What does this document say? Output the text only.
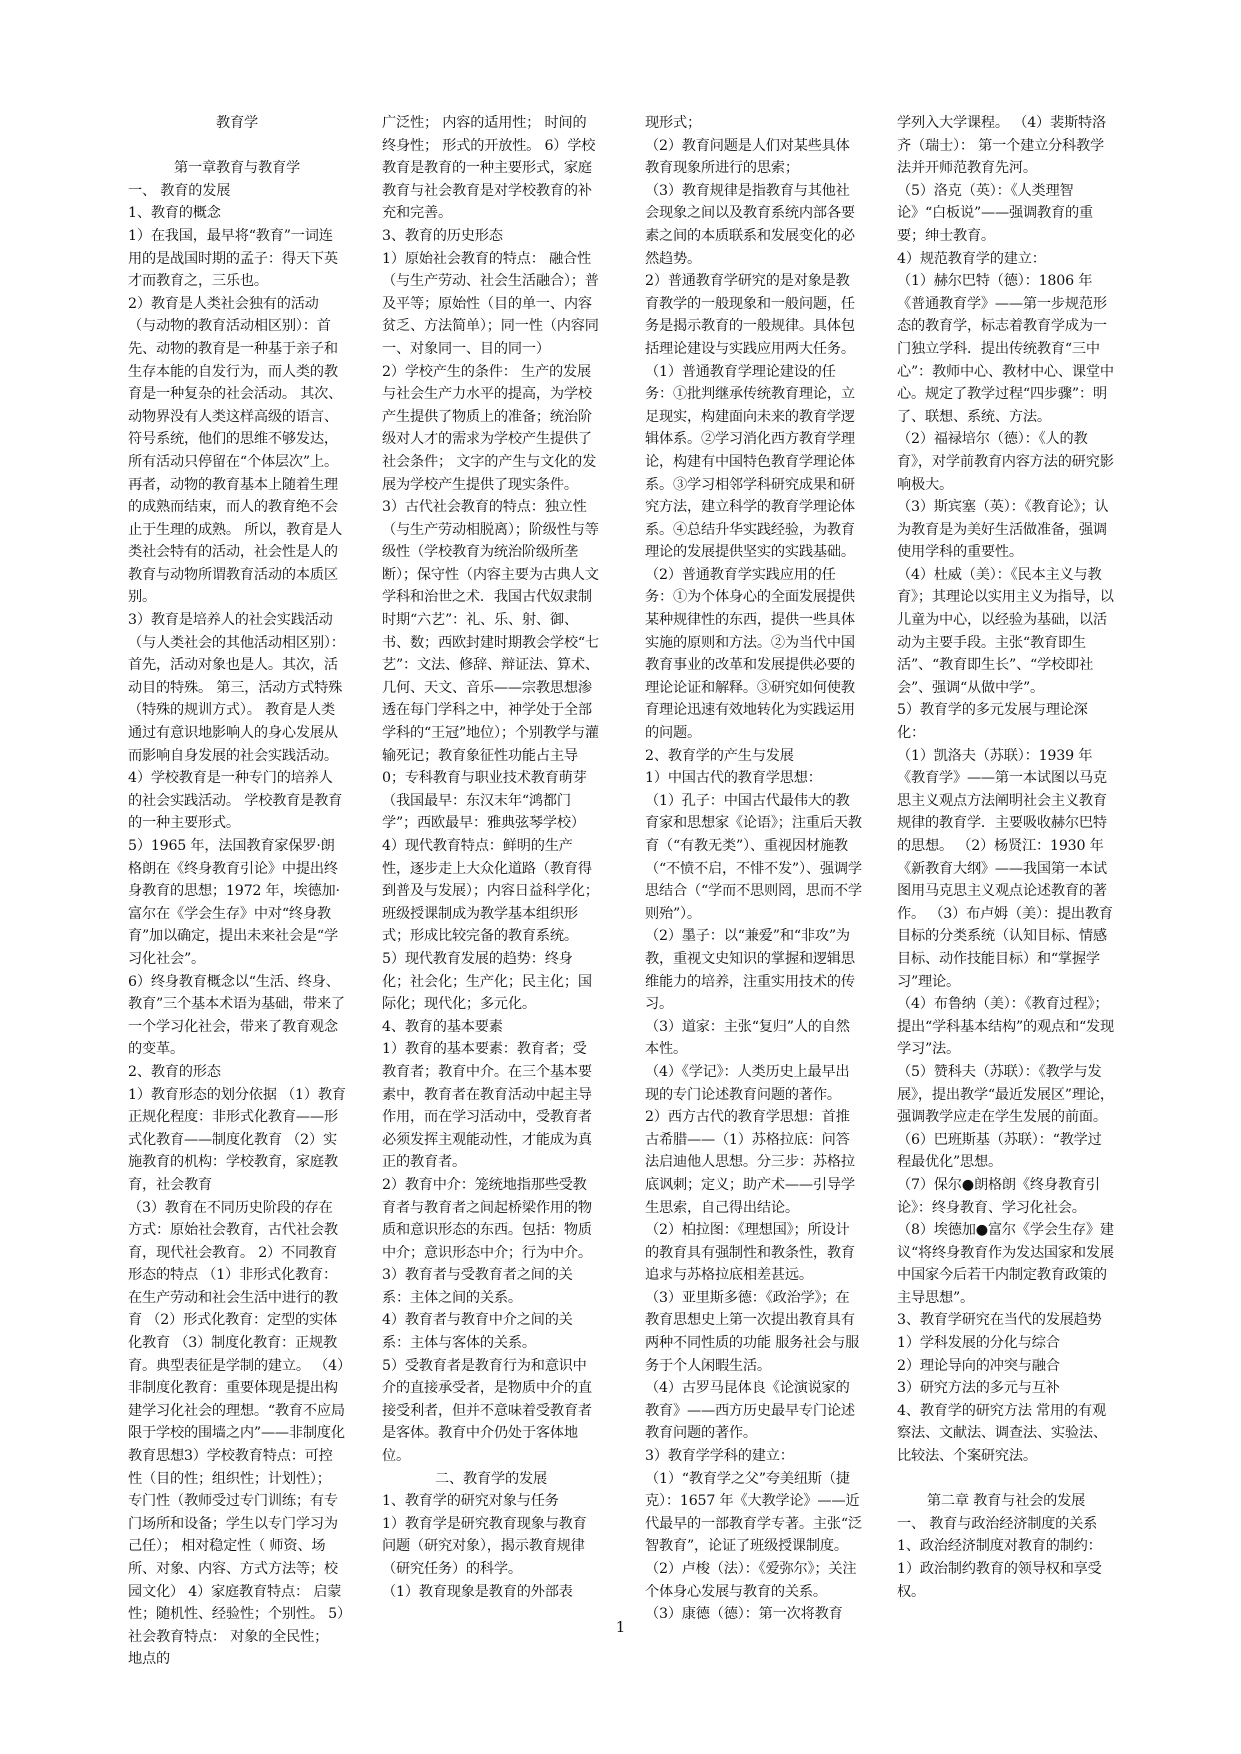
教育学

第一章教育与教育学

一、 教育的发展

1、教育的概念

1）在我国，最早将“教育”一词连用的是战国时期的孟子：得天下英才而教育之，三乐也。

2）教育是人类社会独有的活动（与动物的教育活动相区别）：首先、动物的教育是一种基于亲子和生存本能的自发行为，而人类的教育是一种复杂的社会活动。 其次、动物界没有人类这样高级的语言、符号系统，他们的思维不够发达，所有活动只停留在“个体层次”上。 再者，动物的教育基本上随着生理的成熟而结束，而人的教育绝不会止于生理的成熟。 所以，教育是人类社会特有的活动，社会性是人的教育与动物所谓教育活动的本质区别。

3）教育是培养人的社会实践活动（与人类社会的其他活动相区别）：首先，活动对象也是人。其次，活动目的特殊。 第三，活动方式特殊（特殊的规训方式）。 教育是人类通过有意识地影响人的身心发展从而影响自身发展的社会实践活动。

4）学校教育是一种专门的培养人的社会实践活动。 学校教育是教育的一种主要形式。

5）1965 年，法国教育家保罗·朗格朗在《终身教育引论》中提出终身教育的思想；1972 年，埃德加·富尔在《学会生存》中对“终身教育”加以确定，提出未来社会是“学习化社会”。

6）终身教育概念以“生活、终身、教育”三个基本术语为基础，带来了一个学习化社会，带来了教育观念的变革。

2、教育的形态

1）教育形态的划分依据 （1）教育正规化程度：非形式化教育——形式化教育——制度化教育 （2）实施教育的机构：学校教育，家庭教育，社会教育

（3）教育在不同历史阶段的存在方式：原始社会教育，古代社会教育，现代社会教育。 2）不同教育形态的特点 （1）非形式化教育：在生产劳动和社会生活中进行的教育 （2）形式化教育：定型的实体化教育 （3）制度化教育：正规教育。典型表征是学制的建立。 （4）非制度化教育：重要体现是提出构建学习化社会的理想。“教育不应局限于学校的围墙之内”——非制度化教育思想3）学校教育特点：可控性（目的性；组织性；计划性）； 专门性（教师受过专门训练；有专门场所和设备；学生以专门学习为己任）； 相对稳定性（ 师资、场所、对象、内容、方式方法等；校园文化） 4）家庭教育特点： 启蒙性；随机性、经验性；个别性。 5）社会教育特点： 对象的全民性； 地点的

广泛性； 内容的适用性； 时间的终身性； 形式的开放性。 6）学校教育是教育的一种主要形式，家庭教育与社会教育是对学校教育的补充和完善。

3、教育的历史形态

1）原始社会教育的特点： 融合性（与生产劳动、社会生活融合）；普及平等；原始性（目的单一、内容贫乏、方法简单）；同一性（内容同一、对象同一、目的同一）

2）学校产生的条件： 生产的发展与社会生产力水平的提高，为学校产生提供了物质上的准备；统治阶级对人才的需求为学校产生提供了社会条件； 文字的产生与文化的发展为学校产生提供了现实条件。

3）古代社会教育的特点：独立性（与生产劳动相脱离）；阶级性与等级性（学校教育为统治阶级所垄断）；保守性（内容主要为古典人文学科和治世之术．我国古代奴隶制时期“六艺”：礼、乐、射、御、书、数；西欧封建时期教会学校“七艺”：文法、修辞、辩证法、算术、几何、天文、音乐——宗教思想渗透在每门学科之中，神学处于全部学科的“王冠”地位）；个别教学与灌输死记；教育象征性功能占主导0；专科教育与职业技术教育萌芽（我国最早：东汉末年“鸿都门学”；西欧最早：雅典弦琴学校）

4）现代教育特点：鲜明的生产性，逐步走上大众化道路（教育得到普及与发展）；内容日益科学化；班级授课制成为教学基本组织形式；形成比较完备的教育系统。

5）现代教育发展的趋势：终身化；社会化；生产化；民主化；国际化；现代化；多元化。

4、教育的基本要素

1）教育的基本要素：教育者；受教育者；教育中介。在三个基本要素中，教育者在教育活动中起主导作用，而在学习活动中，受教育者必须发挥主观能动性，才能成为真正的教育者。

2）教育中介：笼统地指那些受教育者与教育者之间起桥梁作用的物质和意识形态的东西。包括：物质中介；意识形态中介；行为中介。

3）教育者与受教育者之间的关系：主体之间的关系。

4）教育者与教育中介之间的关系：主体与客体的关系。

5）受教育者是教育行为和意识中介的直接承受者，是物质中介的直接受利者，但并不意味着受教育者是客体。教育中介仍处于客体地位。

二、教育学的发展

1、教育学的研究对象与任务

1）教育学是研究教育现象与教育问题（研究对象），揭示教育规律（研究任务）的科学。

（1）教育现象是教育的外部表

现形式；

（2）教育问题是人们对某些具体教育现象所进行的思索；

（3）教育规律是指教育与其他社会现象之间以及教育系统内部各要素之间的本质联系和发展变化的必然趋势。

2）普通教育学研究的是对象是教育教学的一般现象和一般问题，任务是揭示教育的一般规律。具体包括理论建设与实践应用两大任务。

（1）普通教育学理论建设的任务：①批判继承传统教育理论，立足现实，构建面向未来的教育学逻辑体系。②学习消化西方教育学理论，构建有中国特色教育学理论体系。③学习相邻学科研究成果和研究方法，建立科学的教育学理论体系。④总结升华实践经验，为教育理论的发展提供坚实的实践基础。

（2）普通教育学实践应用的任务：①为个体身心的全面发展提供某种规律性的东西，提供一些具体实施的原则和方法。②为当代中国教育事业的改革和发展提供必要的理论论证和解释。③研究如何使教育理论迅速有效地转化为实践运用的问题。

2、教育学的产生与发展

1）中国古代的教育学思想：

（1）孔子：中国古代最伟大的教育家和思想家《论语》；注重后天教育（“有教无类”）、重视因材施教（“不愤不启，不悱不发”）、强调学思结合（“学而不思则罔，思而不学则殆”）。

（2）墨子：以“兼爱”和“非攻”为教，重视文史知识的掌握和逻辑思维能力的培养，注重实用技术的传习。

（3）道家：主张“复归”人的自然本性。

（4）《学记》：人类历史上最早出现的专门论述教育问题的著作。

2）西方古代的教育学思想：首推古希腊——（1）苏格拉底：问答法启迪他人思想。分三步：苏格拉底讽刺；定义；助产术——引导学生思索，自己得出结论。

（2）柏拉图：《理想国》；所设计的教育具有强制性和教条性，教育追求与苏格拉底相差甚远。

（3）亚里斯多德：《政治学》；在教育思想史上第一次提出教育具有两种不同性质的功能 服务社会与服务于个人闲暇生活。

（4）古罗马昆体良《论演说家的教育》——西方历史最早专门论述教育问题的著作。

3）教育学学科的建立：

（1）“教育学之父”夸美纽斯（捷克）：1657 年《大教学论》——近代最早的一部教育学专著。主张“泛智教育”，论证了班级授课制度。

（2）卢梭（法）：《爱弥尔》；关注个体身心发展与教育的关系。

（3）康德（德）：第一次将教育

学列入大学课程。 （4）裴斯特洛齐（瑞士）： 第一个建立分科教学法并开师范教育先河。

（5）洛克（英）：《人类理智论》“白板说”——强调教育的重要；绅士教育。

4）规范教育学的建立：

（1）赫尔巴特（德）：1806 年《普通教育学》——第一步规范形态的教育学，标志着教育学成为一门独立学科．提出传统教育“三中心”：教师中心、教材中心、课堂中心。规定了教学过程“四步骤”：明了、联想、系统、方法。

（2）福禄培尔（德）：《人的教育》，对学前教育内容方法的研究影响极大。

（3）斯宾塞（英）：《教育论》；认为教育是为美好生活做准备，强调使用学科的重要性。

（4）杜威（美）：《民本主义与教育》；其理论以实用主义为指导，以儿童为中心，以经验为基础，以活动为主要手段。主张“教育即生活”、“教育即生长”、“学校即社会”、强调“从做中学”。

5）教育学的多元发展与理论深化：

（1）凯洛夫（苏联）：1939 年《教育学》——第一本试图以马克思主义观点方法阐明社会主义教育规律的教育学．主要吸收赫尔巴特的思想。 （2）杨贤江：1930 年《新教育大纲》——我国第一本试图用马克思主义观点论述教育的著作。 （3）布卢姆（美）：提出教育目标的分类系统（认知目标、情感目标、动作技能目标）和“掌握学习”理论。

（4）布鲁纳（美）：《教育过程》；提出“学科基本结构”的观点和“发现学习”法。

（5）赞科夫（苏联）：《教学与发展》，提出教学“最近发展区”理论，强调教学应走在学生发展的前面。

（6）巴班斯基（苏联）：“教学过程最优化”思想。

（7）保尔●朗格朗《终身教育引论》：终身教育、学习化社会。

（8）埃德加●富尔《学会生存》建议“将终身教育作为发达国家和发展中国家今后若干内制定教育政策的主导思想”。

3、教育学研究在当代的发展趋势

1）学科发展的分化与综合

2）理论导向的冲突与融合

3）研究方法的多元与互补

4、教育学的研究方法 常用的有观察法、文献法、调查法、实验法、比较法、个案研究法。

第二章 教育与社会的发展

一、 教育与政治经济制度的关系

1、政治经济制度对教育的制约：

1）政治制约教育的领导权和享受权。

1
